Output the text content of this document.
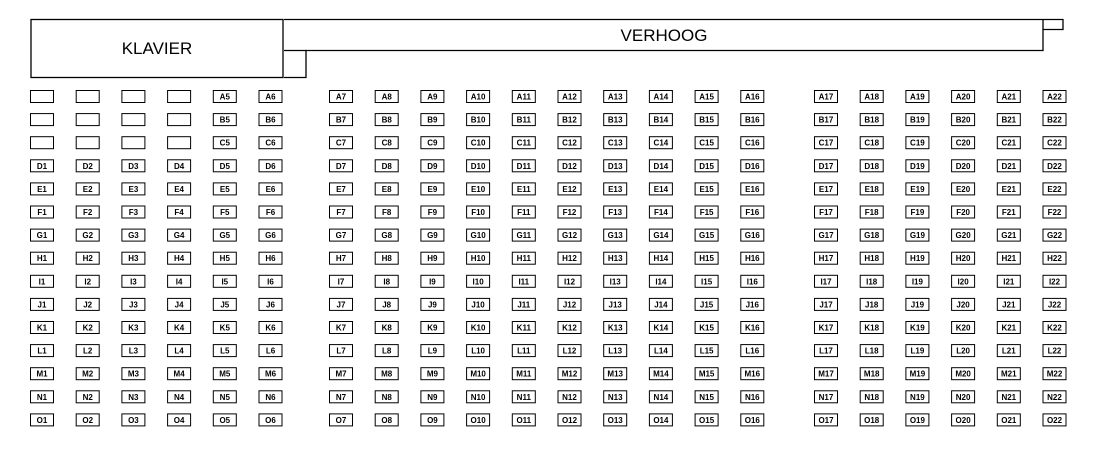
KLAVIER
VERHOOG
A5	A6	A7	A8	A9	A10	A11	A12	A13	A14	A15	A16	A17	A18	A19	A20	A21	A22
B5	B6	B7	B8	B9	B10	B11	B12	B13	B14	B15	B16	B17	B18	B19	B20	B21	B22
C5	C6	C7	C8	C9	C10	C11	C12	C13	C14	C15	C16	C17	C18	C19	C20	C21	C22
D1	D2	D3	D4	D5	D6	D7	D8	D9	D10	D11	D12	D13	D14	D15	D16	D17	D18	D19	D20	D21	D22
E1	E2	E3	E4	E5	E6	E7	E8	E9	E10	E11	E12	E13	E14	E15	E16	E17	E18	E19	E20	E21	E22
F1	F2	F3	F4	F5	F6	F7	F8	F9	F10	F11	F12	F13	F14	F15	F16	F17	F18	F19	F20	F21	F22
G1	G2	G3	G4	G5	G6	G7	G8	G9	G10	G11	G12	G13	G14	G15	G16	G17	G18	G19	G20	G21	G22
H1	H2	H3	H4	H5	H6	H7	H8	H9	H10	H11	H12	H13	H14	H15	H16	H17	H18	H19	H20	H21	H22
I1	I2	I3	I4	I5	I6	I7	I8	I9	I10	I11	I12	I13	I14	I15	I16	I17	I18	I19	I20	I21	I22
J1	J2	J3	J4	J5	J6	J7	J8	J9	J10	J11	J12	J13	J14	J15	J16	J17	J18	J19	J20	J21	J22
K1	K2	K3	K4	K5	K6	K7	K8	K9	K10	K11	K12	K13	K14	K15	K16	K17	K18	K19	K20	K21	K22
L1	L2	L3	L4	L5	L6	L7	L8	L9	L10	L11	L12	L13	L14	L15	L16	L17	L18	L19	L20	L21	L22
M1	M2	M3	M4	M5	M6	M7	M8	M9	M10	M11	M12	M13	M14	M15	M16	M17	M18	M19	M20	M21	M22
N1	N2	N3	N4	N5	N6	N7	N8	N9	N10	N11	N12	N13	N14	N15	N16	N17	N18	N19	N20	N21	N22
O1	O2	O3	O4	O5	O6	O7	O8	O9	O10	O11	O12	O13	O14	O15	O16	O17	O18	O19	O20	O21	O22
